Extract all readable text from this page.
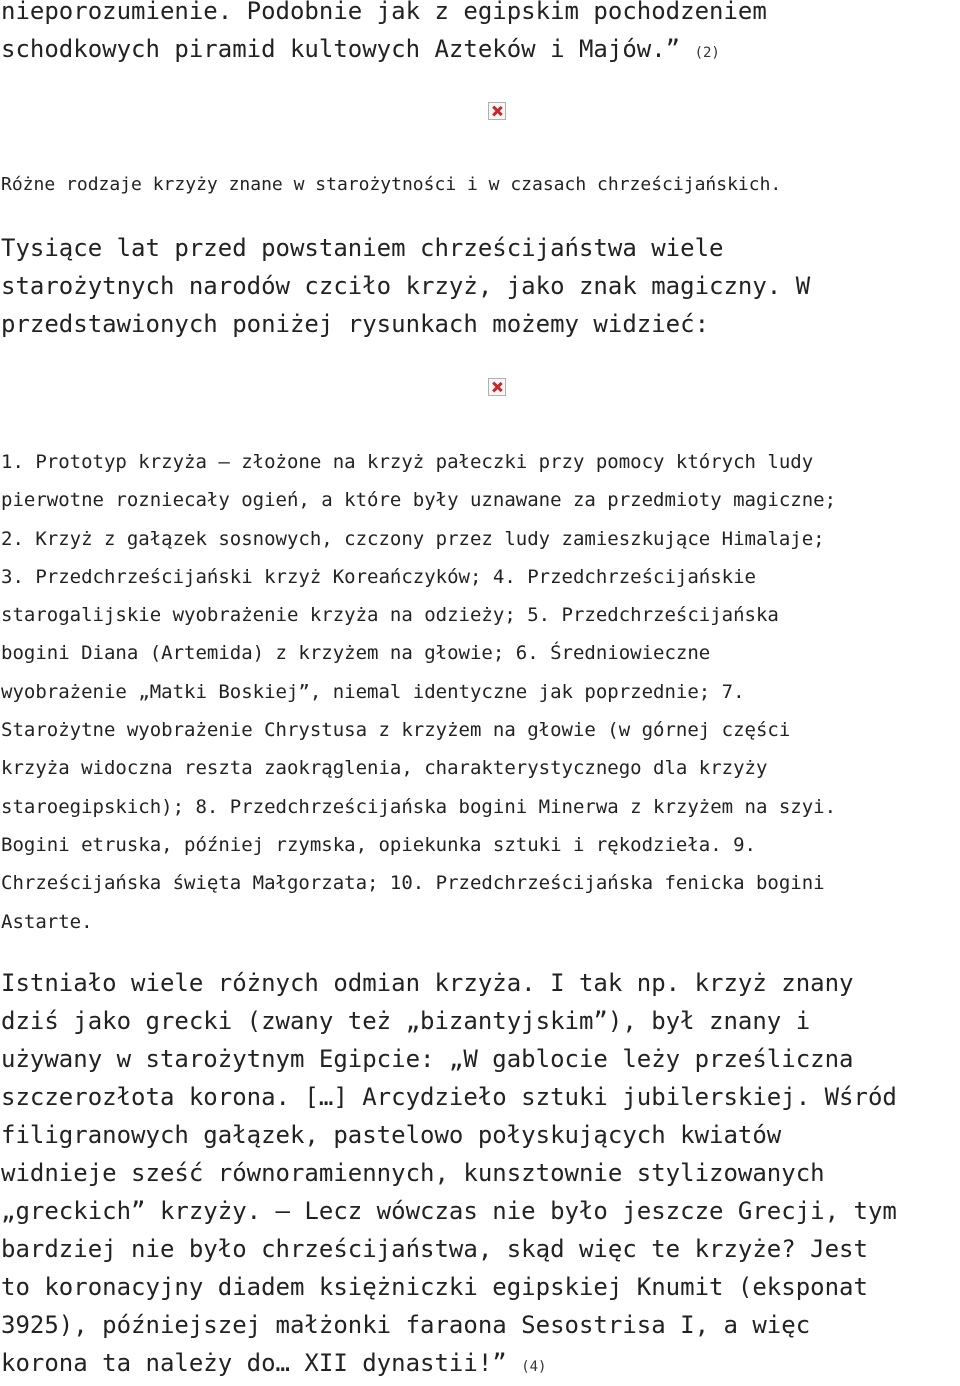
nieporozumienie. Podobnie jak z egipskim pochodzeniem

schodkowych piramid kultowych Azteków i Majów.” (2)

Różne rodzaje krzyży znane w starożytności i w czasach chrześcijańskich.

Tysiące lat przed powstaniem chrześcijaństwa wiele

starożytnych narodów czciło krzyż, jako znak magiczny. W

przedstawionych poniżej rysunkach możemy widzieć:

1. Prototyp krzyża – złożone na krzyż pałeczki przy pomocy których ludy

pierwotne rozniecały ogień, a które były uznawane za przedmioty magiczne;

2. Krzyż z gałązek sosnowych, czczony przez ludy zamieszkujące Himalaje;

3. Przedchrześcijański krzyż Koreańczyków; 4. Przedchrześcijańskie

starogalijskie wyobrażenie krzyża na odzieży; 5. Przedchrześcijańska

bogini Diana (Artemida) z krzyżem na głowie; 6. Średniowieczne

wyobrażenie „Matki Boskiej”, niemal identyczne jak poprzednie; 7.

Starożytne wyobrażenie Chrystusa z krzyżem na głowie (w górnej części

krzyża widoczna reszta zaokrąglenia, charakterystycznego dla krzyży

staroegipskich); 8. Przedchrześcijańska bogini Minerwa z krzyżem na szyi.

Bogini etruska, później rzymska, opiekunka sztuki i rękodzieła. 9.

Chrześcijańska święta Małgorzata; 10. Przedchrześcijańska fenicka bogini

Astarte.

Istniało wiele różnych odmian krzyża. I tak np. krzyż znany

dziś jako grecki (zwany też „bizantyjskim”), był znany i

używany w starożytnym Egipcie: „W gablocie leży prześliczna

szczerozłota korona. […] Arcydzieło sztuki jubilerskiej. Wśród

filigranowych gałązek, pastelowo połyskujących kwiatów

widnieje sześć równoramiennych, kunsztownie stylizowanych

„greckich” krzyży. – Lecz wówczas nie było jeszcze Grecji, tym

bardziej nie było chrześcijaństwa, skąd więc te krzyże? Jest

to koronacyjny diadem księżniczki egipskiej Knumit (eksponat

3925), późniejszej małżonki faraona Sesostrisa I, a więc

korona ta należy do… XII dynastii!” (4)
